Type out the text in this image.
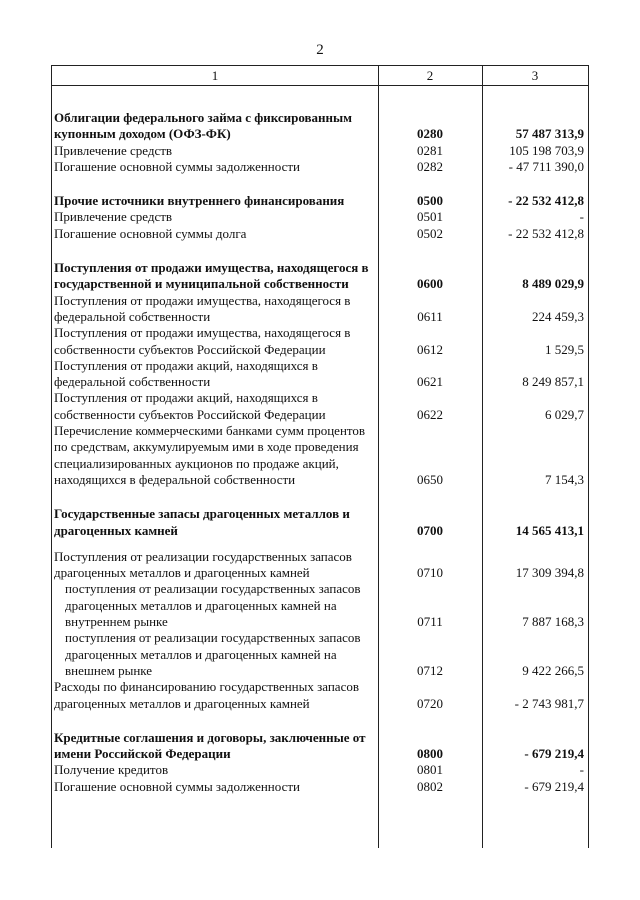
2
1	2	3
Облигации федерального займа с фиксированным купонным доходом (ОФЗ-ФК)	0280	57 487 313,9
Привлечение средств	0281	105 198 703,9
Погашение основной суммы задолженности	0282	- 47 711 390,0
Прочие источники внутреннего финансирования	0500	- 22 532 412,8
Привлечение средств	0501	-
Погашение основной суммы долга	0502	- 22 532 412,8
Поступления от продажи имущества, находящегося в государственной и муниципальной собственности	0600	8 489 029,9
Поступления от продажи имущества, находящегося в федеральной собственности	0611	224 459,3
Поступления от продажи имущества, находящегося в собственности субъектов Российской Федерации	0612	1 529,5
Поступления от продажи акций, находящихся в федеральной собственности	0621	8 249 857,1
Поступления от продажи акций, находящихся в собственности субъектов Российской Федерации	0622	6 029,7
Перечисление коммерческими банками сумм процентов по средствам, аккумулируемым ими в ходе проведения специализированных аукционов по продаже акций, находящихся в федеральной собственности	0650	7 154,3
Государственные запасы драгоценных металлов и драгоценных камней	0700	14 565 413,1
Поступления от реализации государственных запасов драгоценных металлов и драгоценных камней	0710	17 309 394,8
поступления от реализации государственных запасов драгоценных металлов и драгоценных камней на внутреннем рынке	0711	7 887 168,3
поступления от реализации государственных запасов драгоценных металлов и драгоценных камней на внешнем рынке	0712	9 422 266,5
Расходы по финансированию государственных запасов драгоценных металлов и драгоценных камней	0720	- 2 743 981,7
Кредитные соглашения и договоры, заключенные от имени Российской Федерации	0800	- 679 219,4
Получение кредитов	0801	-
Погашение основной суммы задолженности	0802	- 679 219,4
